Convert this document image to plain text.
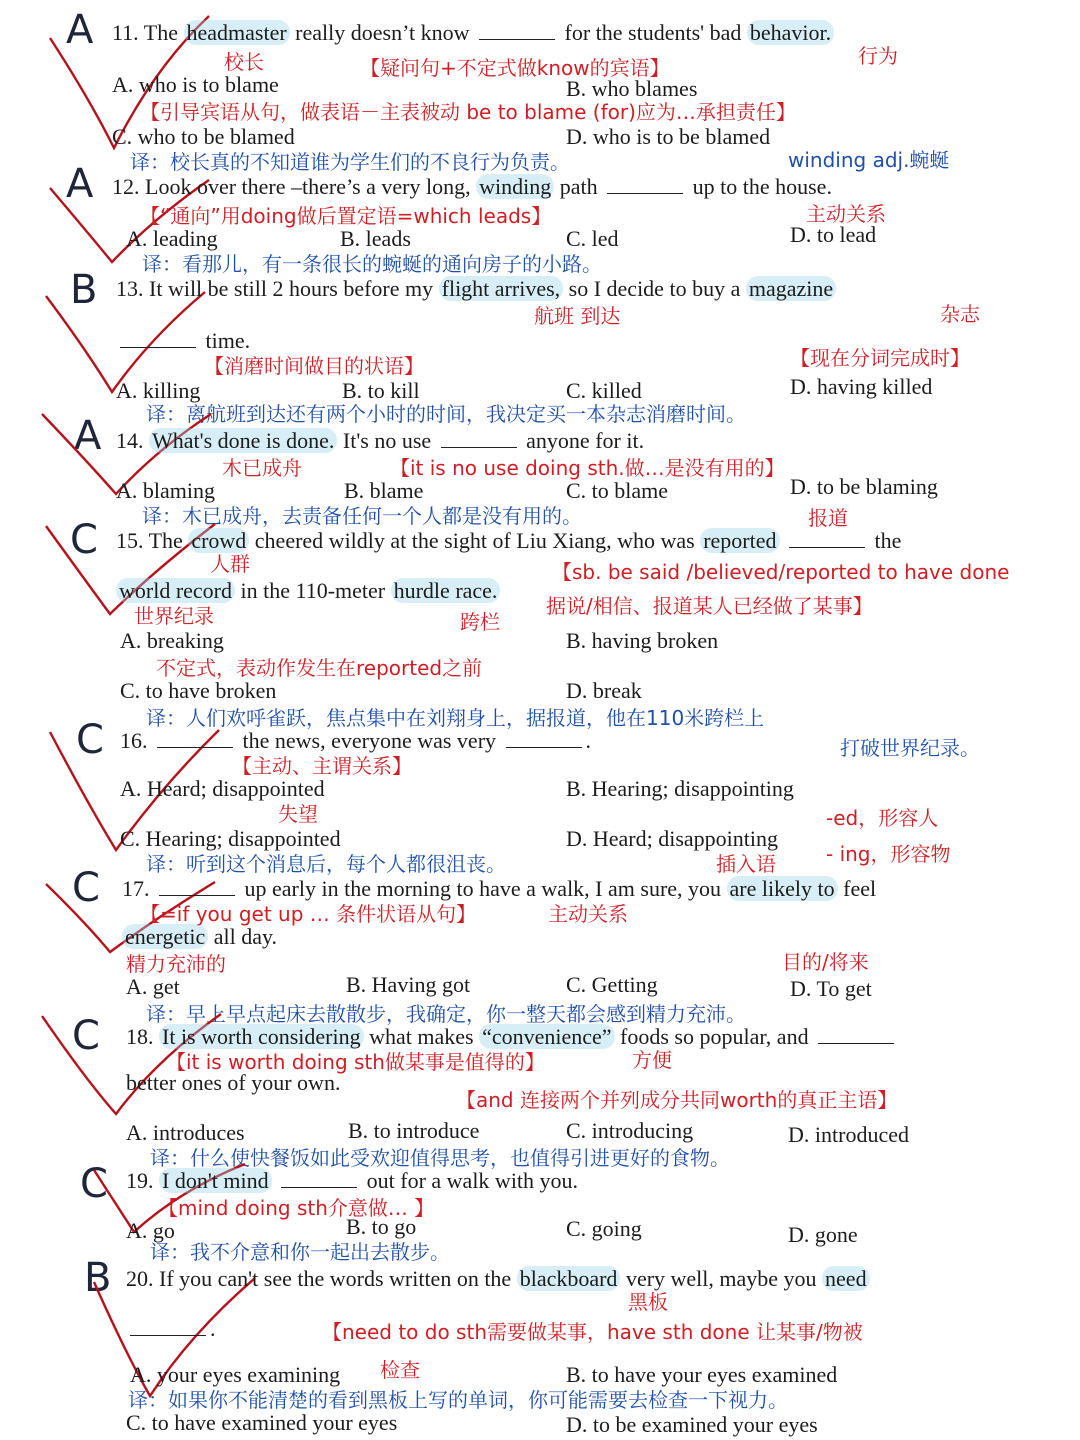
A 11. The headmaster really doesn’t know	for the students' bad behavior.
校长	行为
【疑问句+不定式做know的宾语】
A. who is to blame	B. who blames
【引导宾语从句，做表语－主表被动 be to blame (for)应为…承担责任】
C. who to be blamed	D. who is to be blamed
译：校长真的不知道谁为学生们的不良行为负责。
A
winding adj.蜿蜒
12. Look over there –there’s a very long, winding path	up to the house.
【“通向”用doing做后置定语=which leads】	主动关系
A. leading	B. leads	C. led	D. to lead
译：看那儿，有一条很长的蜿蜒的通向房子的小路。
B 13. It will be still 2 hours before my flight arrives, so I decide to buy a magazine
航班 到达	杂志
time.
【消磨时间做目的状语】	【现在分词完成时】
A. killing	B. to kill	C. killed	D. having killed
译：离航班到达还有两个小时的时间，我决定买一本杂志消磨时间。
A 14. What's done is done. It's no use	anyone for it.
木已成舟	【it is no use doing sth.做…是没有用的】
A. blaming	B. blame	C. to blame	D. to be blaming
译：木已成舟，去责备任何一个人都是没有用的。
C	报道
15. The crowd cheered wildly at the sight of Liu Xiang, who was reported	the
人群	【sb. be said /believed/reported to have done
world record in the 110-meter hurdle race.
据说/相信、报道某人已经做了某事】
世界纪录	跨栏
A. breaking	B. having broken
不定式，表动作发生在reported之前
C. to have broken	D. break
译：人们欢呼雀跃，焦点集中在刘翔身上，据报道，他在110米跨栏上
打破世界纪录。
C 16.	the news, everyone was very	.
【主动、主谓关系】
A. Heard; disappointed	B. Hearing; disappointing
失望	-ed，形容人
C. Hearing; disappointed	D. Heard; disappointing
- ing，形容物
译：听到这个消息后，每个人都很沮丧。	插入语
C 17.	up early in the morning to have a walk, I am sure, you are likely to feel
【=if you get up … 条件状语从句】	主动关系
energetic all day.
精力充沛的	目的/将来
A. get	B. Having got	C. Getting	D. To get
译：早上早点起床去散散步，我确定，你一整天都会感到精力充沛。
C 18. It is worth considering what makes “convenience” foods so popular, and
【it is worth doing sth做某事是值得的】	方便
better ones of your own.
【and 连接两个并列成分共同worth的真正主语】
A. introduces	B. to introduce	C. introducing	D. introduced
译：什么使快餐饭如此受欢迎值得思考，也值得引进更好的食物。
C 19. I don't mind	out for a walk with you.
【mind doing sth介意做… 】
A. go	B. to go	C. going	D. gone
译：我不介意和你一起出去散步。
B 20. If you can't see the words written on the blackboard very well, maybe you need
黑板
.	【need to do sth需要做某事，have sth done 让某事/物被
A. your eyes examining 检查	B. to have your eyes examined
译：如果你不能清楚的看到黑板上写的单词，你可能需要去检查一下视力。
C. to have examined your eyes	D. to be examined your eyes
